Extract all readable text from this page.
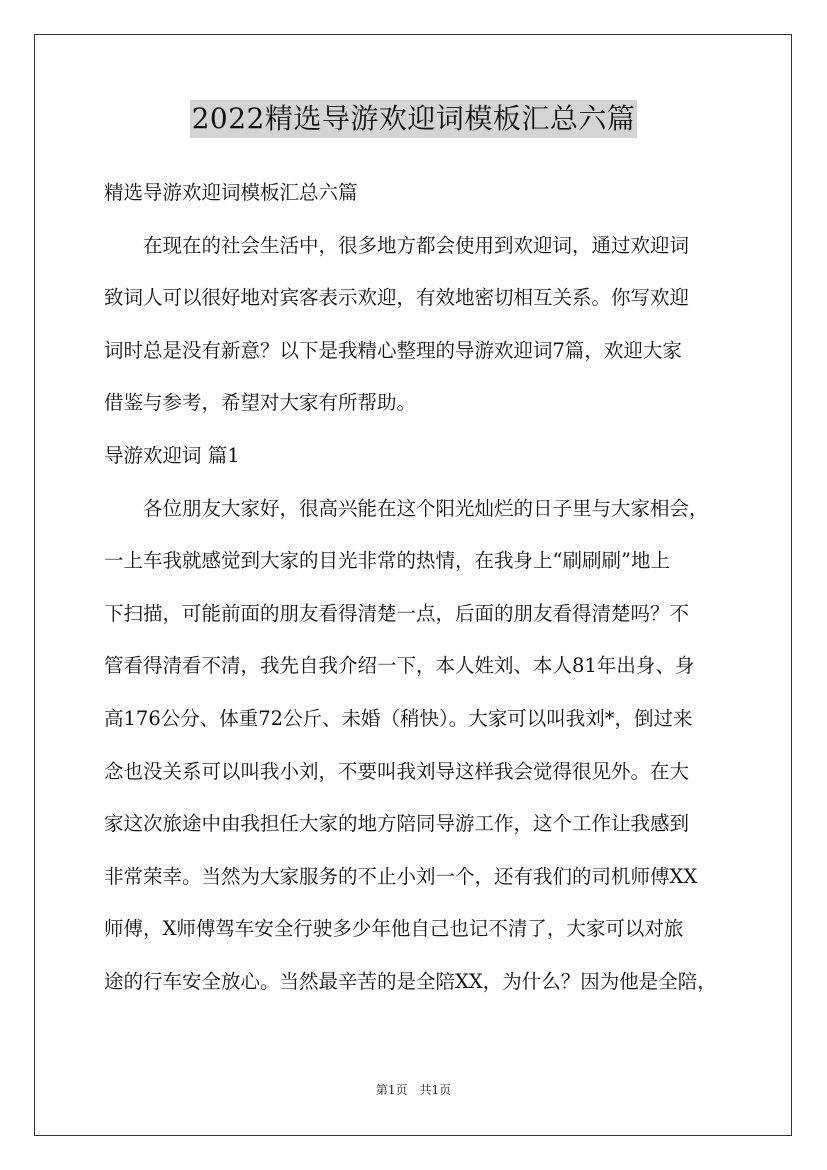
2022精选导游欢迎词模板汇总六篇
精选导游欢迎词模板汇总六篇
　　在现在的社会生活中，很多地方都会使用到欢迎词，通过欢迎词
致词人可以很好地对宾客表示欢迎，有效地密切相互关系。你写欢迎
词时总是没有新意？以下是我精心整理的导游欢迎词7篇，欢迎大家
借鉴与参考，希望对大家有所帮助。
导游欢迎词 篇1
　　各位朋友大家好，很高兴能在这个阳光灿烂的日子里与大家相会，
一上车我就感觉到大家的目光非常的热情，在我身上“刷刷刷”地上
下扫描，可能前面的朋友看得清楚一点，后面的朋友看得清楚吗？不
管看得清看不清，我先自我介绍一下，本人姓刘、本人81年出身、身
高176公分、体重72公斤、未婚（稍快）。大家可以叫我刘*，倒过来
念也没关系可以叫我小刘，不要叫我刘导这样我会觉得很见外。在大
家这次旅途中由我担任大家的地方陪同导游工作，这个工作让我感到
非常荣幸。当然为大家服务的不止小刘一个，还有我们的司机师傅XX
师傅，X师傅驾车安全行驶多少年他自己也记不清了，大家可以对旅
途的行车安全放心。当然最辛苦的是全陪XX，为什么？因为他是全陪，
第1页　共1页
